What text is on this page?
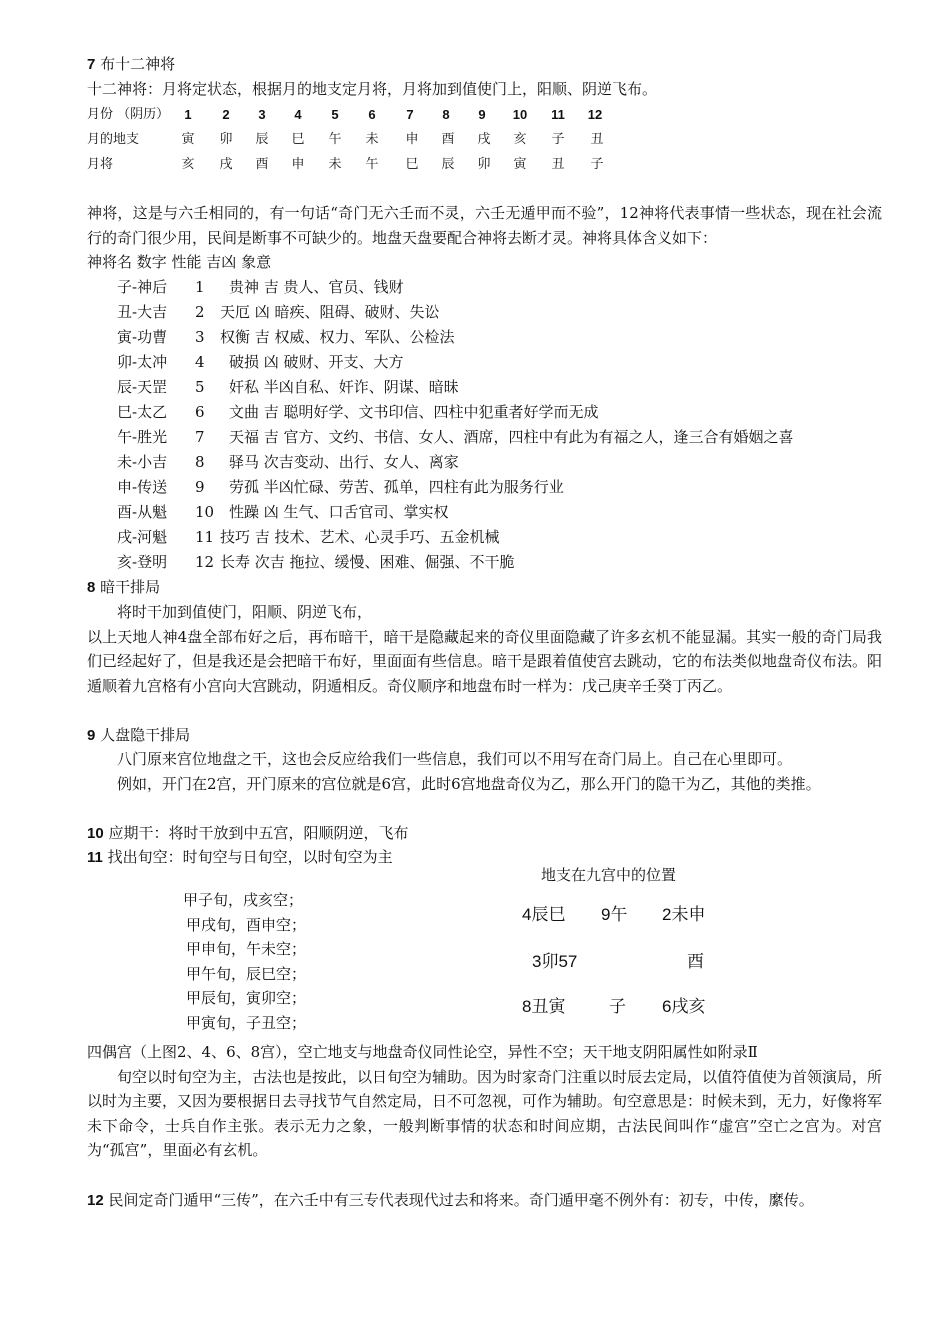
7 布十二神将
十二神将：月将定状态，根据月的地支定月将，月将加到值使门上，阳顺、阴逆飞布。
月份 （阴历）	1	2	3	4	5	6	7	8	9	10	11	12
月的地支	寅	卯	辰	巳	午	未	申	酉	戌	亥	子	丑
月将	亥	戌	酉	申	未	午	巳	辰	卯	寅	丑	子
神将，这是与六壬相同的，有一句话“奇门无六壬而不灵，六壬无遁甲而不验”，12神将代表事情一些状态，现在社会流行的奇门很少用，民间是断事不可缺少的。地盘天盘要配合神将去断才灵。神将具体含义如下：
神将名 数字 性能 吉凶 象意
子-神后 1 贵神 吉 贵人、官员、钱财
丑-大吉 2 天厄 凶 暗疾、阻碍、破财、失讼
寅-功曹 3 权衡 吉 权威、权力、军队、公检法
卯-太冲 4 破损 凶 破财、开支、大方
辰-天罡 5 奸私 半凶自私、奸诈、阴谋、暗昧
巳-太乙 6 文曲 吉 聪明好学、文书印信、四柱中犯重者好学而无成
午-胜光 7 天福 吉 官方、文约、书信、女人、酒席，四柱中有此为有福之人，逢三合有婚姻之喜
未-小吉 8 驿马 次吉变动、出行、女人、离家
申-传送 9 劳孤 半凶忙碌、劳苦、孤单，四柱有此为服务行业
酉-从魁 10 性躁 凶 生气、口舌官司、掌实权
戌-河魁 11 技巧 吉 技术、艺术、心灵手巧、五金机械
亥-登明 12 长寿 次吉 拖拉、缓慢、困难、倔强、不干脆
8 暗干排局
将时干加到值使门，阳顺、阴逆飞布，
以上天地人神4盘全部布好之后，再布暗干，暗干是隐藏起来的奇仪里面隐藏了许多玄机不能显漏。其实一般的奇门局我们已经起好了，但是我还是会把暗干布好，里面面有些信息。暗干是跟着值使宫去跳动，它的布法类似地盘奇仪布法。阳遁顺着九宫格有小宫向大宫跳动，阴遁相反。奇仪顺序和地盘布时一样为：戊己庚辛壬癸丁丙乙。
9 人盘隐干排局
八门原来宫位地盘之干，这也会反应给我们一些信息，我们可以不用写在奇门局上。自己在心里即可。
例如，开门在2宫，开门原来的宫位就是6宫，此时6宫地盘奇仪为乙，那么开门的隐干为乙，其他的类推。
10 应期干：将时干放到中五宫，阳顺阴逆，飞布
11 找出旬空：时旬空与日旬空，以时旬空为主
甲子旬，戌亥空；
甲戌旬，酉申空；
甲申旬，午未空；
甲午旬，辰巳空；
甲辰旬，寅卯空；
甲寅旬，子丑空；
地支在九宫中的位置
4辰巳 9午 2未申
3卯57	酉
8丑寅	子 6戌亥
四偶宫（上图2、4、6、8宫），空亡地支与地盘奇仪同性论空，异性不空；天干地支阴阳属性如附录Ⅱ
旬空以时旬空为主，古法也是按此，以日旬空为辅助。因为时家奇门注重以时辰去定局，以值符值使为首领演局，所以时为主要，又因为要根据日去寻找节气自然定局，日不可忽视，可作为辅助。旬空意思是：时候未到，无力，好像将军未下命令，士兵自作主张。表示无力之象，一般判断事情的状态和时间应期，古法民间叫作“虚宫”空亡之宫为。对宫为“孤宫”，里面必有玄机。
12 民间定奇门遁甲“三传”，在六壬中有三专代表现代过去和将来。奇门遁甲毫不例外有：初专，中传，縻传。
